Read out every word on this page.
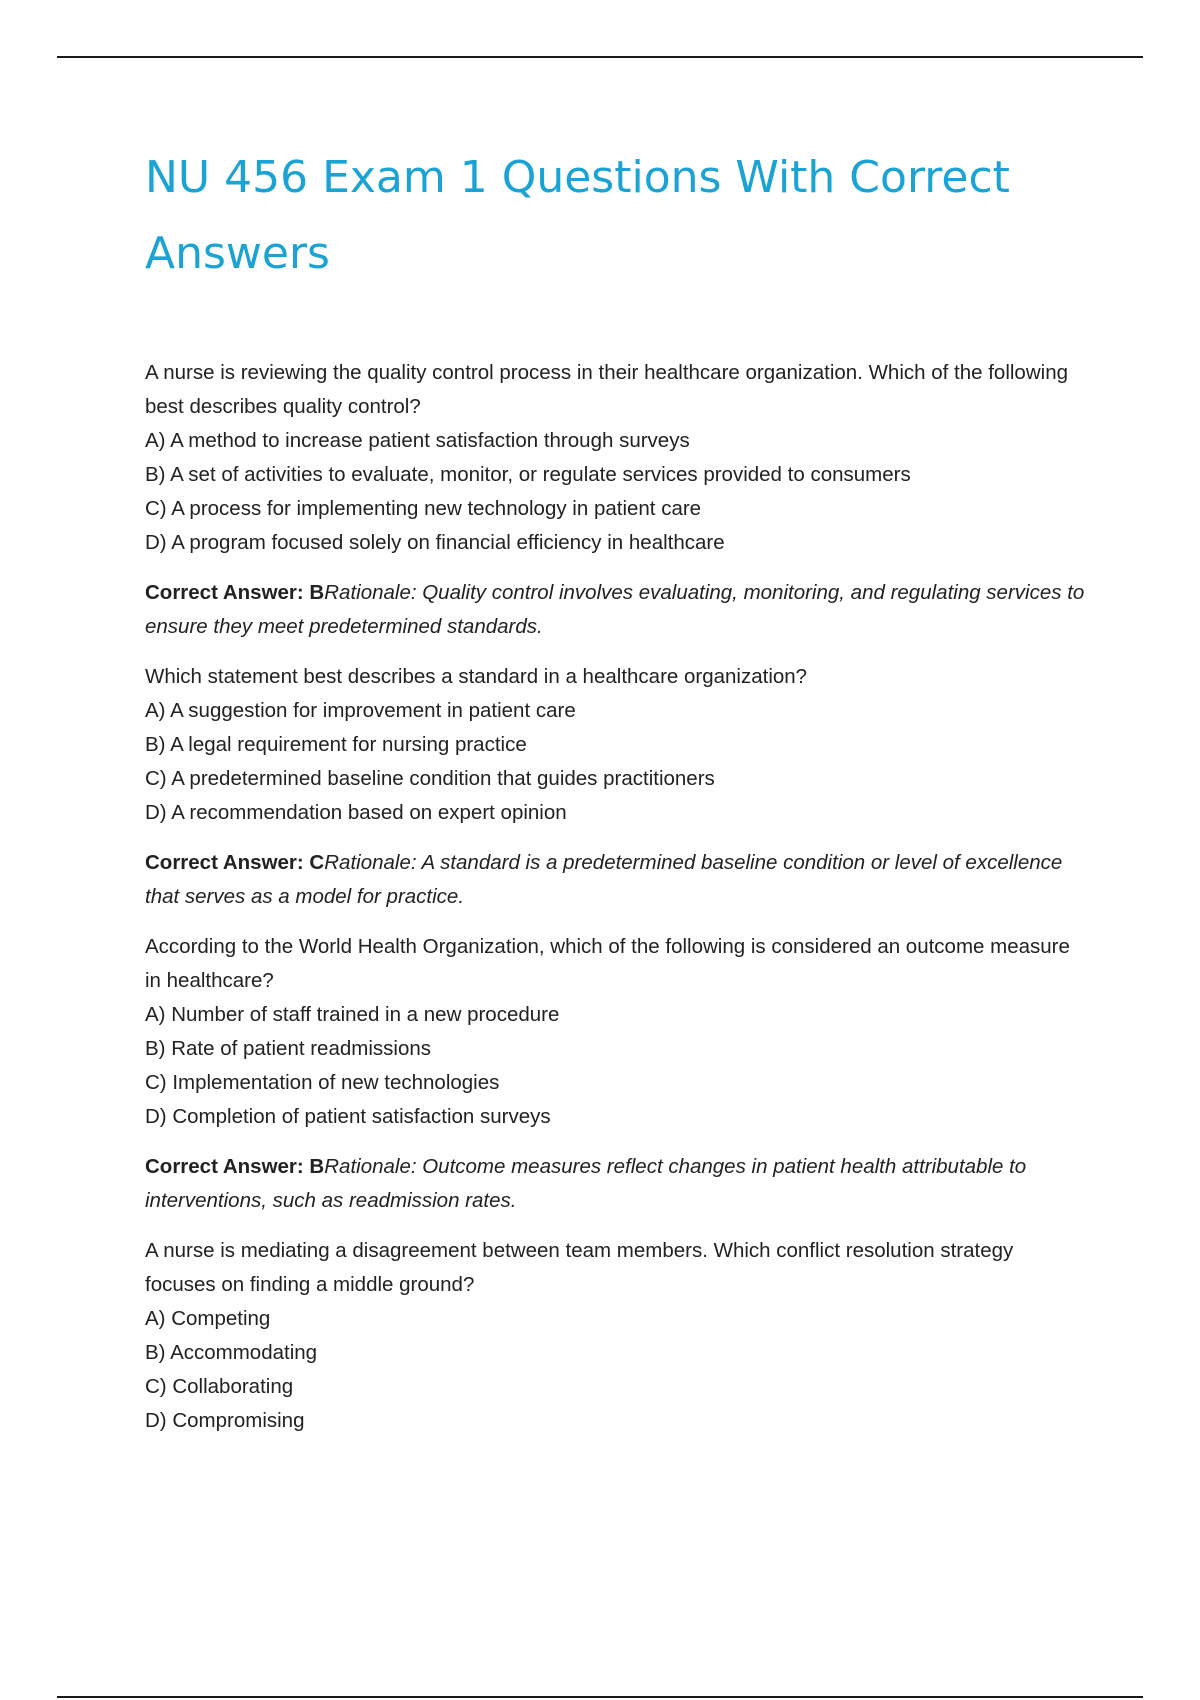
NU 456 Exam 1 Questions With Correct Answers

A nurse is reviewing the quality control process in their healthcare organization. Which of the following best describes quality control?

A) A method to increase patient satisfaction through surveys
B) A set of activities to evaluate, monitor, or regulate services provided to consumers
C) A process for implementing new technology in patient care
D) A program focused solely on financial efficiency in healthcare

Correct Answer: BRationale: Quality control involves evaluating, monitoring, and regulating services to ensure they meet predetermined standards.

Which statement best describes a standard in a healthcare organization?

A) A suggestion for improvement in patient care
B) A legal requirement for nursing practice
C) A predetermined baseline condition that guides practitioners
D) A recommendation based on expert opinion

Correct Answer: CRationale: A standard is a predetermined baseline condition or level of excellence that serves as a model for practice.

According to the World Health Organization, which of the following is considered an outcome measure in healthcare?

A) Number of staff trained in a new procedure
B) Rate of patient readmissions
C) Implementation of new technologies
D) Completion of patient satisfaction surveys

Correct Answer: BRationale: Outcome measures reflect changes in patient health attributable to interventions, such as readmission rates.

A nurse is mediating a disagreement between team members. Which conflict resolution strategy focuses on finding a middle ground?

A) Competing
B) Accommodating
C) Collaborating
D) Compromising
